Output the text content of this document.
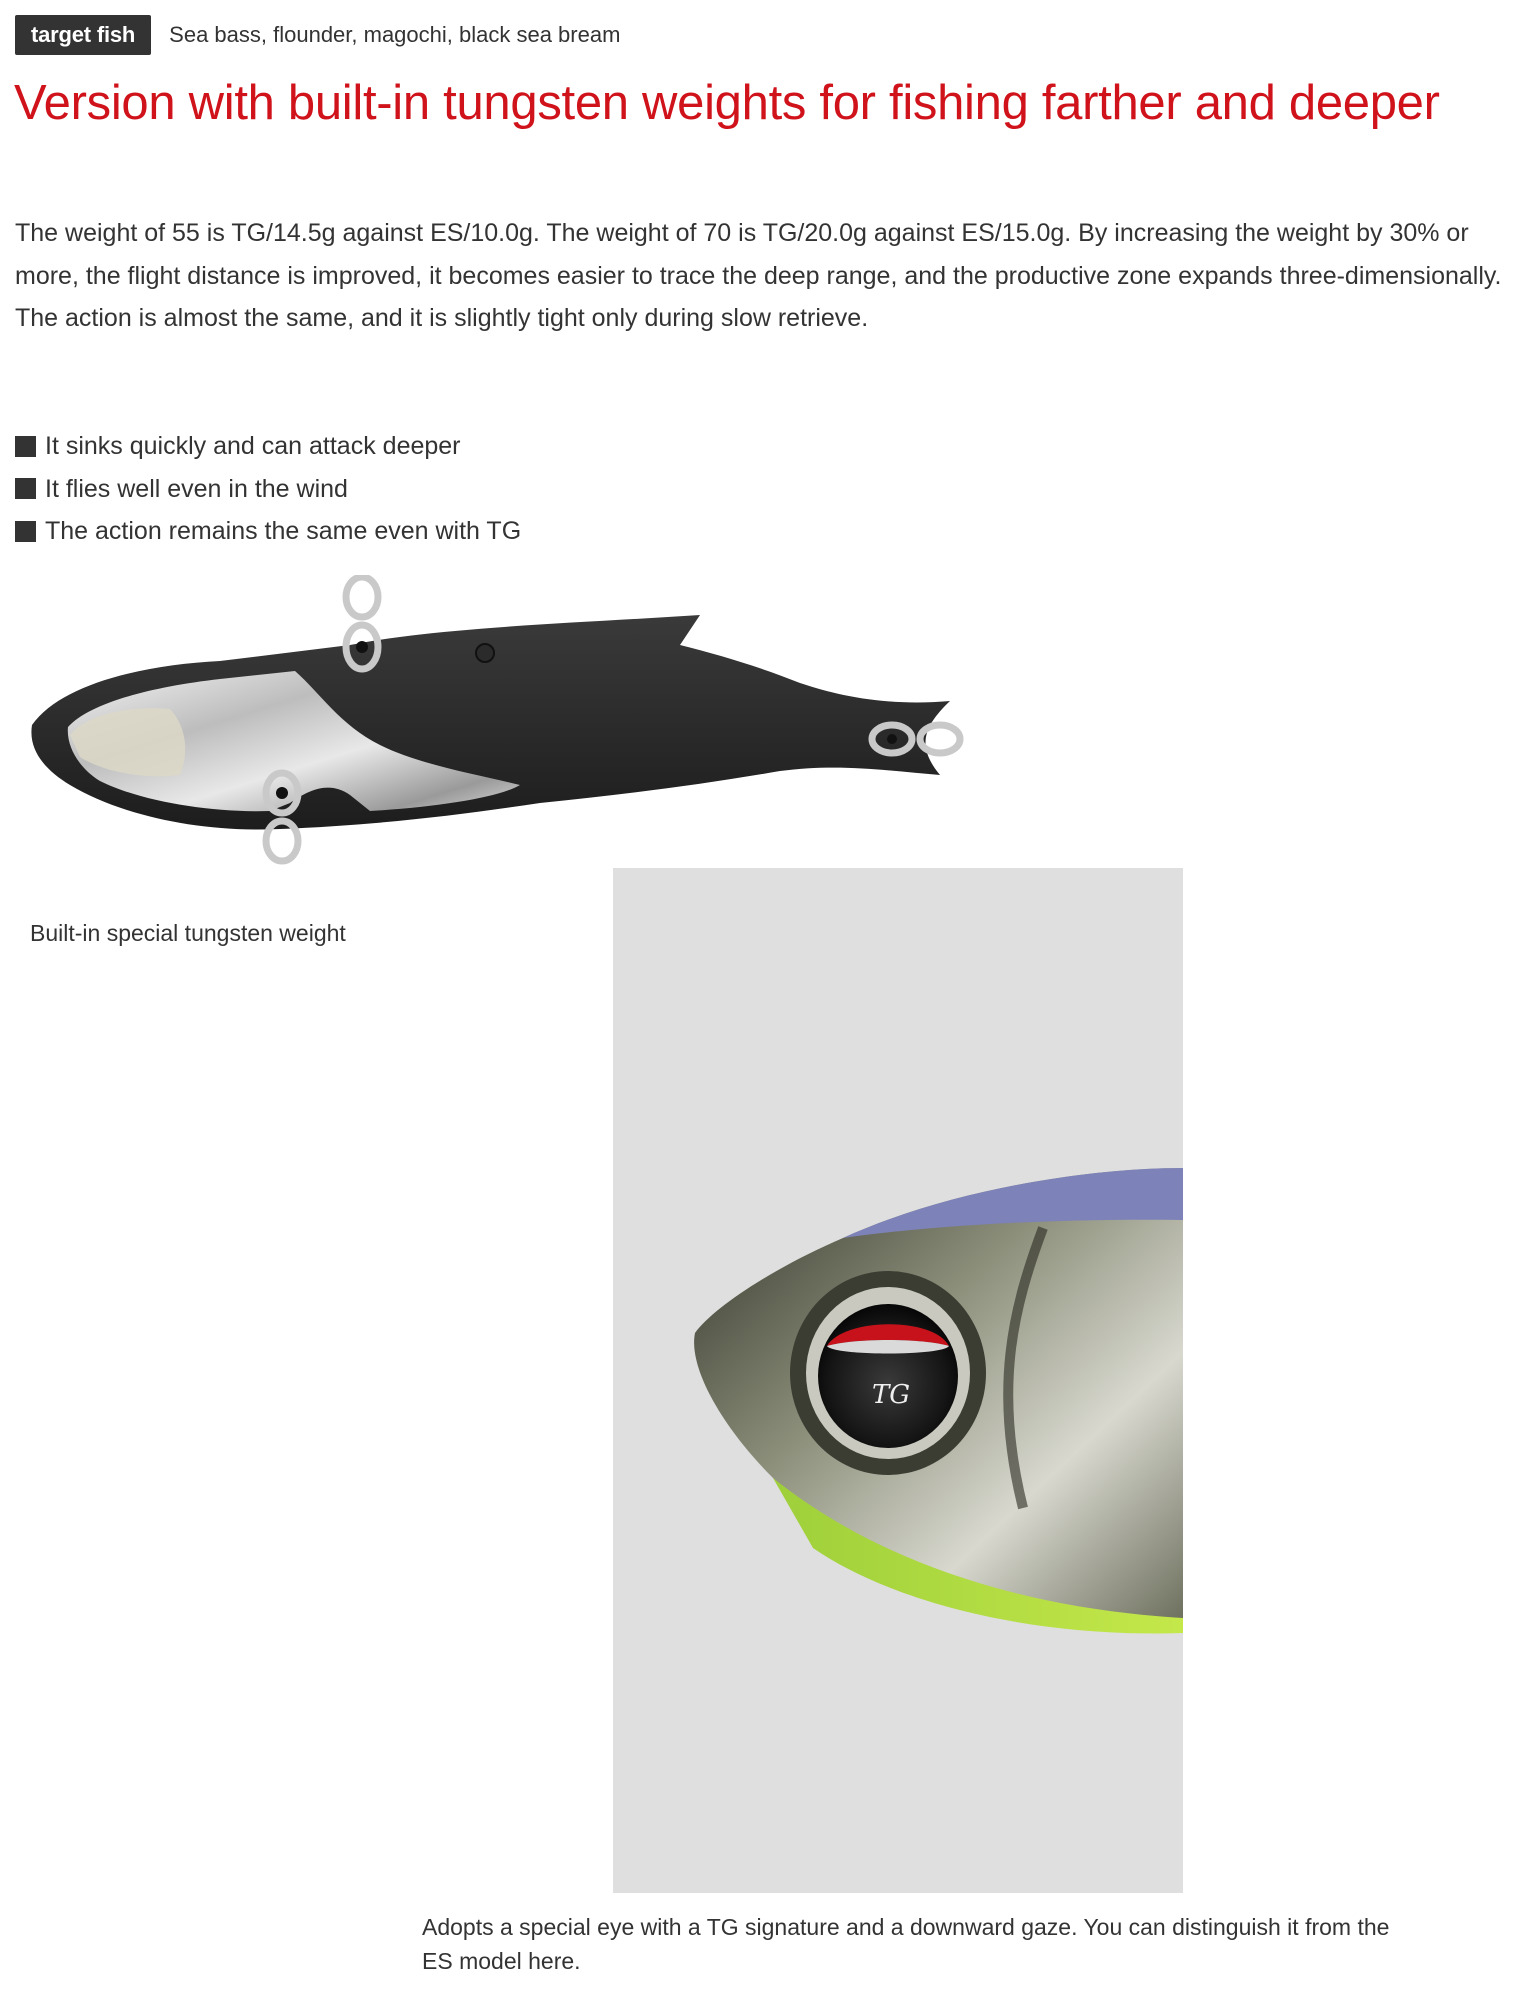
target fish	Sea bass, flounder, magochi, black sea bream
Version with built-in tungsten weights for fishing farther and deeper

The weight of 55 is TG/14.5g against ES/10.0g. The weight of 70 is TG/20.0g against ES/15.0g. By increasing the weight by 30% or more, the flight distance is improved, it becomes easier to trace the deep range, and the productive zone expands three-dimensionally.

The action is almost the same, and it is slightly tight only during slow retrieve.

It sinks quickly and can attack deeper
It flies well even in the wind
The action remains the same even with TG
Built-in special tungsten weight
TG
Adopts a special eye with a TG signature and a downward gaze. You can distinguish it from the ES model here.
